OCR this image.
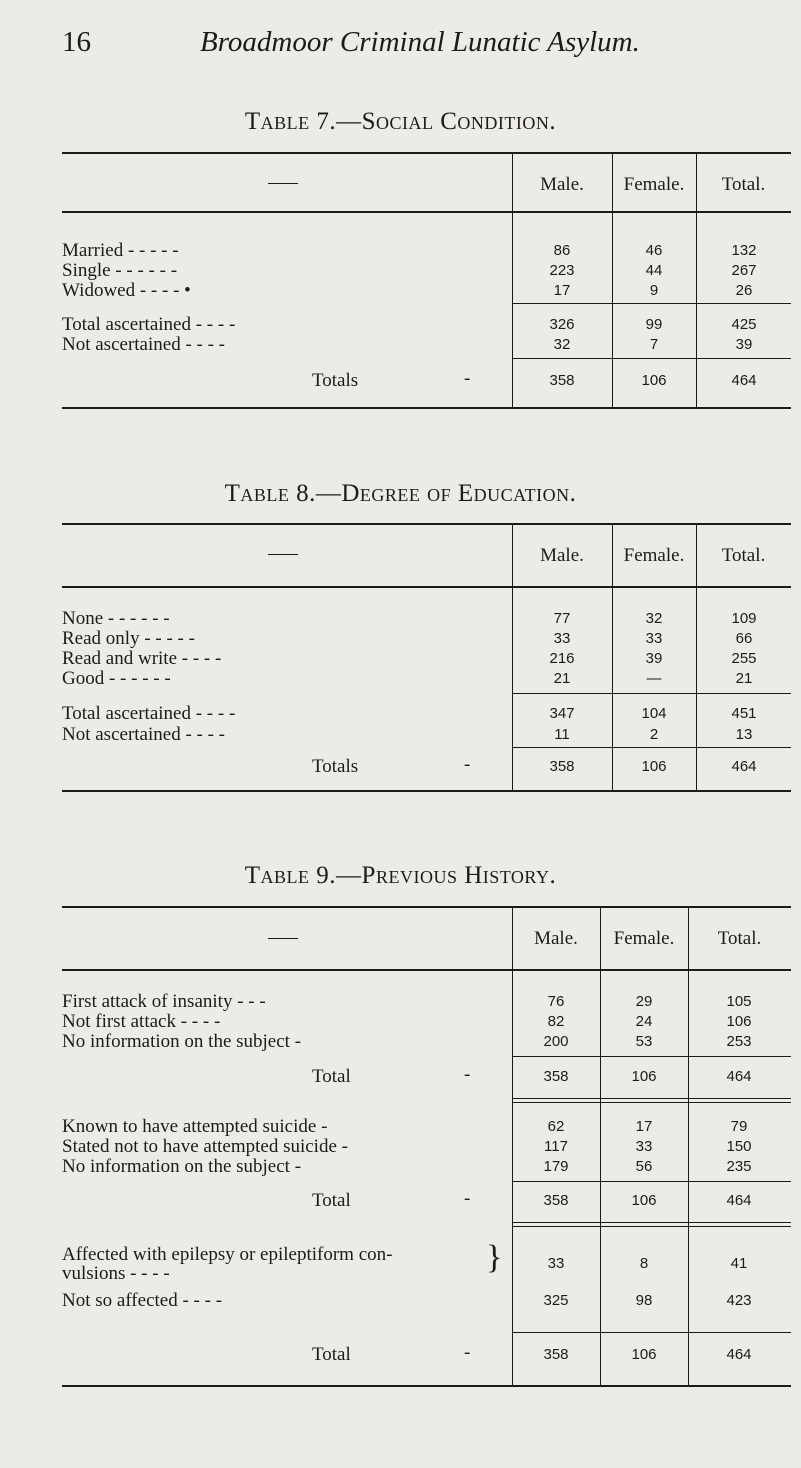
16	Broadmoor Criminal Lunatic Asylum.
Table 7.—Social Condition.
Male.	Female.	Total.
Married - - - - -	86	46	132
Single - - - - - -	223	44	267
Widowed - - - - •	17	9	26
Total ascertained - - - -	326	99	425
Not ascertained - - - -	32	7	39
Totals	-	358	106	464
Table 8.—Degree of Education.
Male.	Female.	Total.
None - - - - - -	77	32	109
Read only - - - - -	33	33	66
Read and write - - - -	216	39	255
Good - - - - - -	21	—	21
Total ascertained - - - -	347	104	451
Not ascertained - - - -	11	2	13
Totals	-	358	106	464
Table 9.—Previous History.
Male.	Female.	Total.
First attack of insanity - - -	76	29	105
Not first attack - - - -	82	24	106
No information on the subject -	200	53	253
Total	-	358	106	464
Known to have attempted suicide -	62	17	79
Stated not to have attempted suicide -	117	33	150
No information on the subject -	179	56	235
Total	-	358	106	464
Affected with epilepsy or epileptiform con-
vulsions - - - -	}	33	8	41
Not so affected - - - -	325	98	423
Total	-	358	106	464
